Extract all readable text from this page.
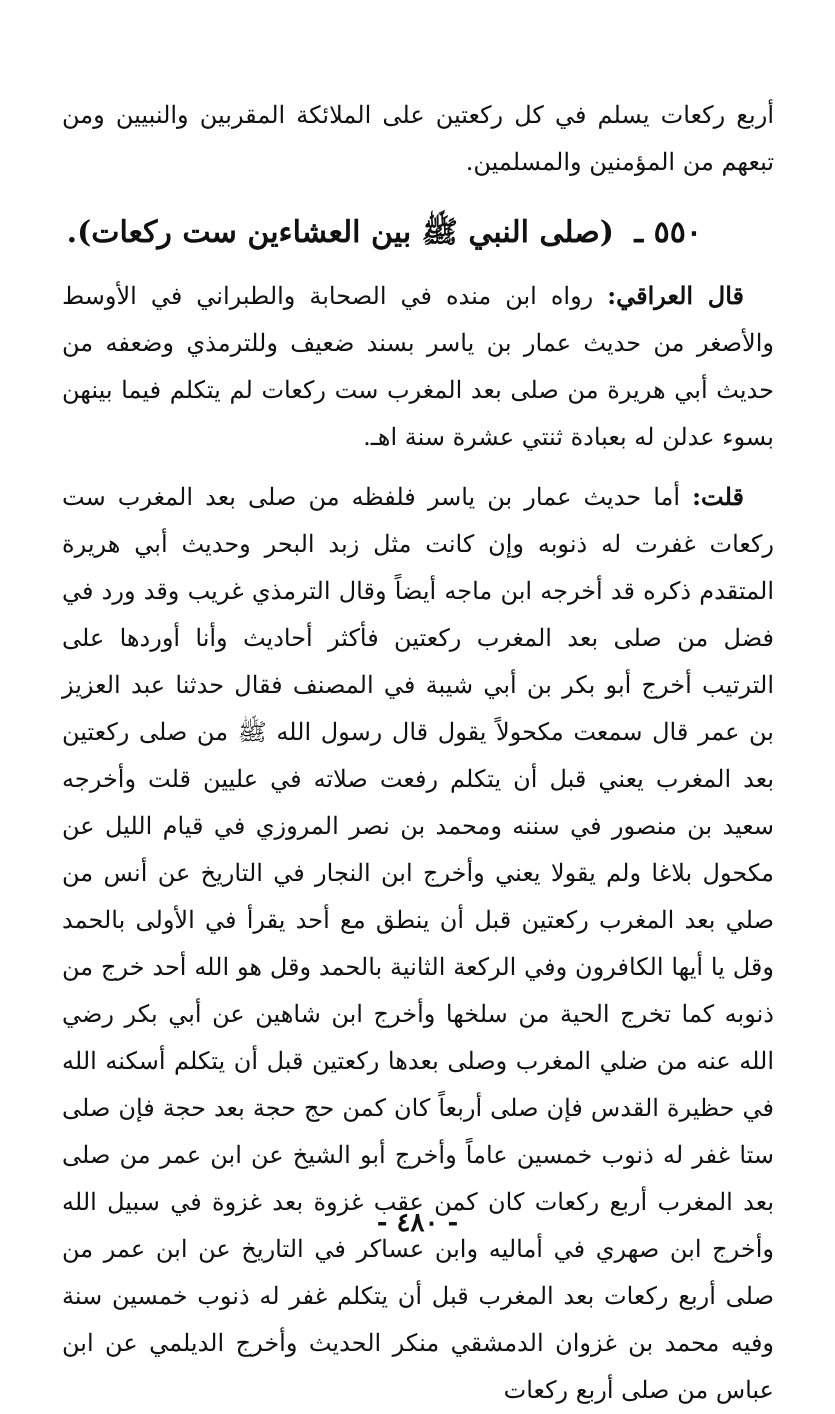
أربع ركعات يسلم في كل ركعتين على الملائكة المقربين والنبيين ومن تبعهم من المؤمنين والمسلمين.

٥٥٠ ـ (صلى النبي ﷺ بين العشاءين ست ركعات).

قال العراقي: رواه ابن منده في الصحابة والطبراني في الأوسط والأصغر من حديث عمار بن ياسر بسند ضعيف وللترمذي وضعفه من حديث أبي هريرة من صلى بعد المغرب ست ركعات لم يتكلم فيما بينهن بسوء عدلن له بعبادة ثنتي عشرة سنة اهـ.

قلت: أما حديث عمار بن ياسر فلفظه من صلى بعد المغرب ست ركعات غفرت له ذنوبه وإن كانت مثل زبد البحر وحديث أبي هريرة المتقدم ذكره قد أخرجه ابن ماجه أيضاً وقال الترمذي غريب وقد ورد في فضل من صلى بعد المغرب ركعتين فأكثر أحاديث وأنا أوردها على الترتيب أخرج أبو بكر بن أبي شيبة في المصنف فقال حدثنا عبد العزيز بن عمر قال سمعت مكحولاً يقول قال رسول الله ﷺ من صلى ركعتين بعد المغرب يعني قبل أن يتكلم رفعت صلاته في عليين قلت وأخرجه سعيد بن منصور في سننه ومحمد بن نصر المروزي في قيام الليل عن مكحول بلاغا ولم يقولا يعني وأخرج ابن النجار في التاريخ عن أنس من صلي بعد المغرب ركعتين قبل أن ينطق مع أحد يقرأ في الأولى بالحمد وقل يا أيها الكافرون وفي الركعة الثانية بالحمد وقل هو الله أحد خرج من ذنوبه كما تخرج الحية من سلخها وأخرج ابن شاهين عن أبي بكر رضي الله عنه من ضلي المغرب وصلى بعدها ركعتين قبل أن يتكلم أسكنه الله في حظيرة القدس فإن صلى أربعاً كان كمن حج حجة بعد حجة فإن صلى ستا غفر له ذنوب خمسين عاماً وأخرج أبو الشيخ عن ابن عمر من صلى بعد المغرب أربع ركعات كان كمن عقب غزوة بعد غزوة في سبيل الله وأخرج ابن صهري في أماليه وابن عساكر في التاريخ عن ابن عمر من صلى أربع ركعات بعد المغرب قبل أن يتكلم غفر له ذنوب خمسين سنة وفيه محمد بن غزوان الدمشقي منكر الحديث وأخرج الديلمي عن ابن عباس من صلى أربع ركعات

- ٤٨٠ -
